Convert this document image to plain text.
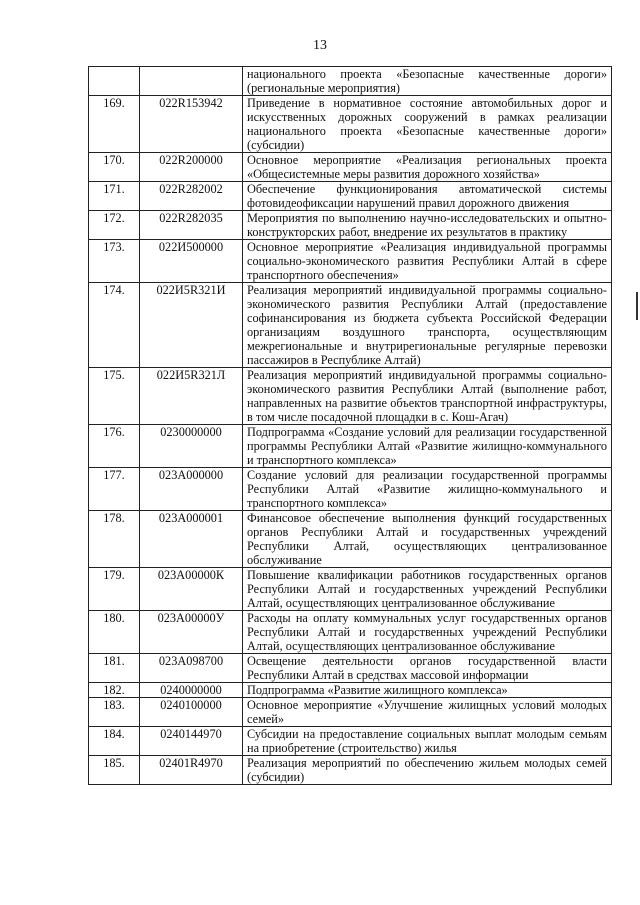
13
		национального проекта «Безопасные качественные дороги» (региональные мероприятия)
169.	022R153942	Приведение в нормативное состояние автомобильных дорог и искусственных дорожных сооружений в рамках реализации национального проекта «Безопасные качественные дороги» (субсидии)
170.	022R200000	Основное мероприятие «Реализация региональных проекта «Общесистемные меры развития дорожного хозяйства»
171.	022R282002	Обеспечение функционирования автоматической системы фотовидеофиксации нарушений правил дорожного движения
172.	022R282035	Мероприятия по выполнению научно-исследовательских и опытно-конструкторских работ, внедрение их результатов в практику
173.	022И500000	Основное мероприятие «Реализация индивидуальной программы социально-экономического развития Республики Алтай в сфере транспортного обеспечения»
174.	022И5R321И	Реализация мероприятий индивидуальной программы социально-экономического развития Республики Алтай (предоставление софинансирования из бюджета субъекта Российской Федерации организациям воздушного транспорта, осуществляющим межрегиональные и внутрирегиональные регулярные перевозки пассажиров в Республике Алтай)
175.	022И5R321Л	Реализация мероприятий индивидуальной программы социально-экономического развития Республики Алтай (выполнение работ, направленных на развитие объектов транспортной инфраструктуры, в том числе посадочной площадки в с. Кош-Агач)
176.	0230000000	Подпрограмма «Создание условий для реализации государственной программы Республики Алтай «Развитие жилищно-коммунального и транспортного комплекса»
177.	023А000000	Создание условий для реализации государственной программы Республики Алтай «Развитие жилищно-коммунального и транспортного комплекса»
178.	023А000001	Финансовое обеспечение выполнения функций государственных органов Республики Алтай и государственных учреждений Республики Алтай, осуществляющих централизованное обслуживание
179.	023А00000К	Повышение квалификации работников государственных органов Республики Алтай и государственных учреждений Республики Алтай, осуществляющих централизованное обслуживание
180.	023А00000У	Расходы на оплату коммунальных услуг государственных органов Республики Алтай и государственных учреждений Республики Алтай, осуществляющих централизованное обслуживание
181.	023А098700	Освещение деятельности органов государственной власти Республики Алтай в средствах массовой информации
182.	0240000000	Подпрограмма «Развитие жилищного комплекса»
183.	0240100000	Основное мероприятие «Улучшение жилищных условий молодых семей»
184.	0240144970	Субсидии на предоставление социальных выплат молодым семьям на приобретение (строительство) жилья
185.	02401R4970	Реализация мероприятий по обеспечению жильем молодых семей (субсидии)
